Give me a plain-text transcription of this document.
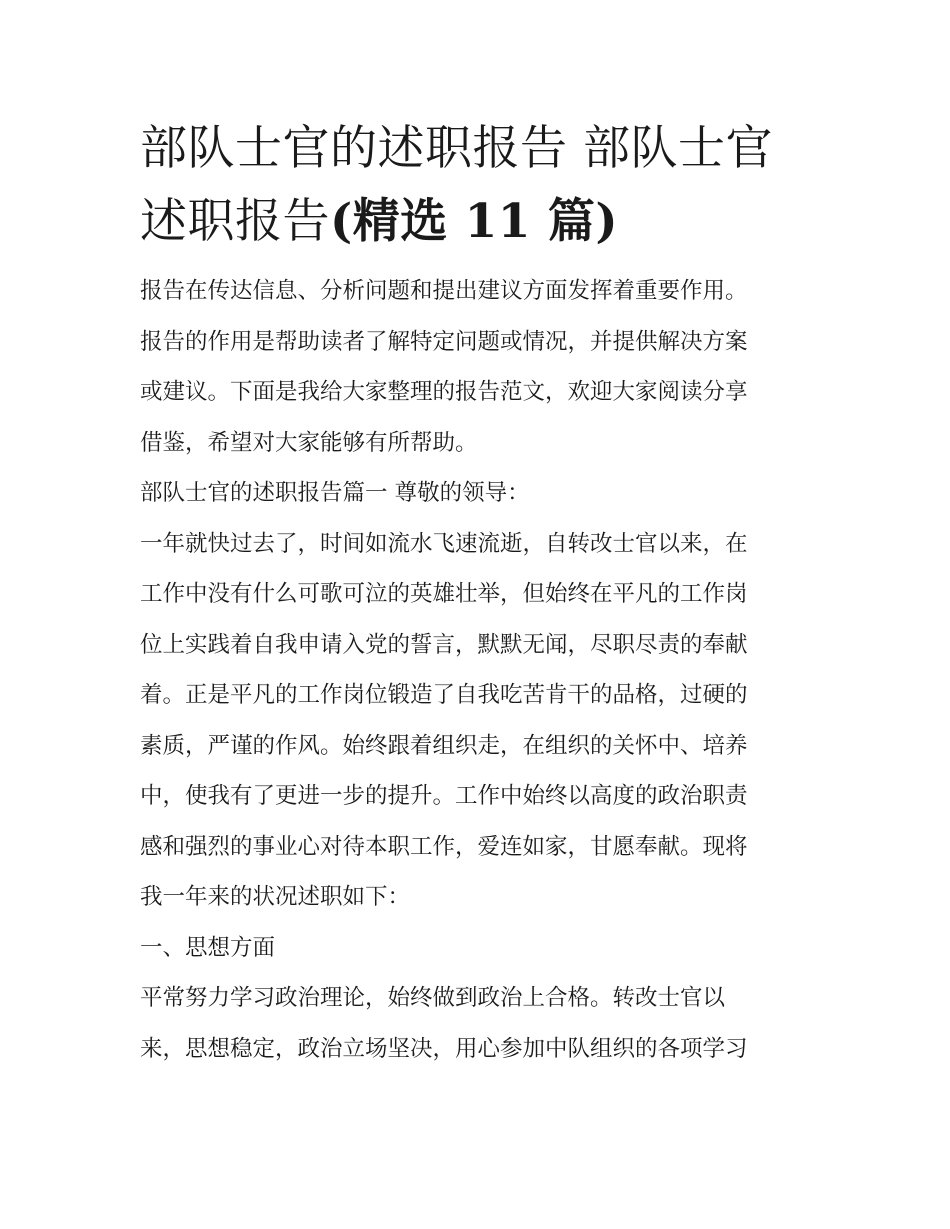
部队士官的述职报告 部队士官
述职报告(精选 11 篇)

报告在传达信息、分析问题和提出建议方面发挥着重要作用。
报告的作用是帮助读者了解特定问题或情况，并提供解决方案
或建议。下面是我给大家整理的报告范文，欢迎大家阅读分享
借鉴，希望对大家能够有所帮助。

部队士官的述职报告篇一 尊敬的领导：

一年就快过去了，时间如流水飞速流逝，自转改士官以来，在
工作中没有什么可歌可泣的英雄壮举，但始终在平凡的工作岗
位上实践着自我申请入党的誓言，默默无闻，尽职尽责的奉献
着。正是平凡的工作岗位锻造了自我吃苦肯干的品格，过硬的
素质，严谨的作风。始终跟着组织走，在组织的关怀中、培养
中，使我有了更进一步的提升。工作中始终以高度的政治职责
感和强烈的事业心对待本职工作，爱连如家，甘愿奉献。现将
我一年来的状况述职如下：

一、思想方面

平常努力学习政治理论，始终做到政治上合格。转改士官以
来，思想稳定，政治立场坚决，用心参加中队组织的各项学习
